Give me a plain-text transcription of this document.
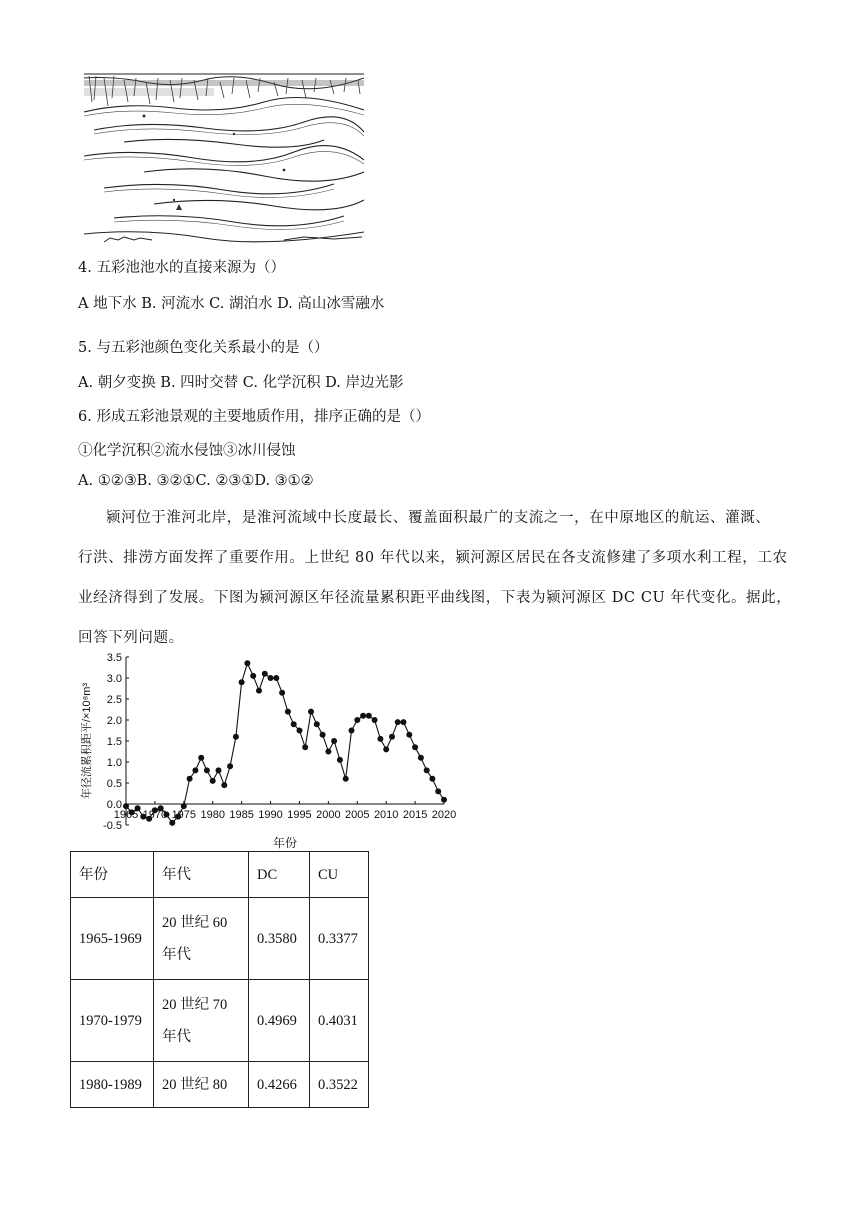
4. 五彩池池水的直接来源为（）
A 地下水 B. 河流水 C. 湖泊水 D. 高山冰雪融水
5. 与五彩池颜色变化关系最小的是（）
A. 朝夕变换 B. 四时交替 C. 化学沉积 D. 岸边光影
6. 形成五彩池景观的主要地质作用，排序正确的是（）
①化学沉积②流水侵蚀③冰川侵蚀
A. ①②③B. ③②①C. ②③①D. ③①②
颍河位于淮河北岸，是淮河流域中长度最长、覆盖面积最广的支流之一，在中原地区的航运、灌溉、
行洪、排涝方面发挥了重要作用。上世纪 80 年代以来，颍河源区居民在各支流修建了多项水利工程，工农
业经济得到了发展。下图为颍河源区年径流量累积距平曲线图，下表为颍河源区 DC CU 年代变化。据此，
回答下列问题。
-0.5
0.0
0.5
1.0
1.5
2.0
2.5
3.0
3.5
1965 1970 1975 1980 1985 1990 1995 2000 2005 2010 2015 2020
年份
年径流累积距平/×10⁸m³
年份	年代	DC	CU
1965-1969	20 世纪 60
年代	0.3580	0.3377
1970-1979	20 世纪 70
年代	0.4969	0.4031
1980-1989	20 世纪 80	0.4266	0.3522
